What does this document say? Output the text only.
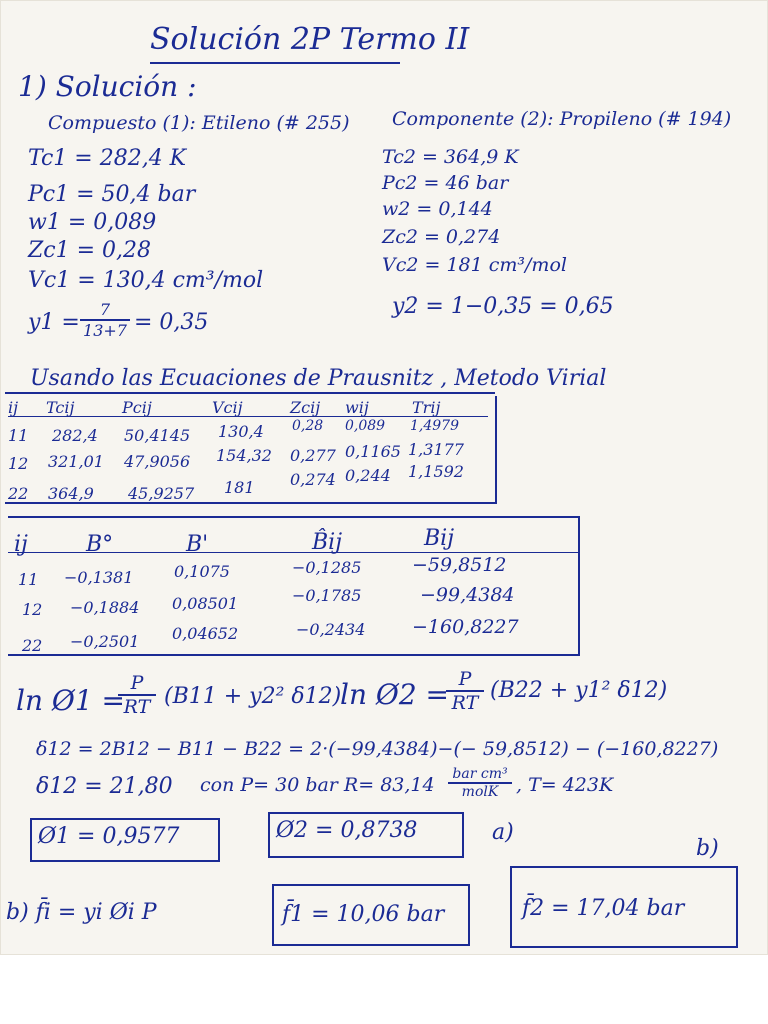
Solución 2P Termo II
1) Solución :
Compuesto (1): Etileno (# 255)
Tc1 = 282,4 K
Pc1 = 50,4 bar
w1 = 0,089
Zc1 = 0,28
Vc1 = 130,4 cm³/mol
$y1 = \frac{7}{13+7} = 0,35$
Componente (2): Propileno (# 194)
Tc2 = 364,9 K
Pc2 = 46 bar
w2 = 0,144
Zc2 = 0,274
Vc2 = 181 cm³/mol
y2 = 1−0,35 = 0,65
Usando las Ecuaciones de Prausnitz , Metodo Virial
ij Tcij	Pcij	Vcij	Zcij wij	Trij
11 282,4 50,4145 130,4 0,28 0,089 1,4979
12 321,01 47,9056 154,32 0,277 0,1165 1,3177
22 364,9 45,9257 181 0,274 0,244 1,1592
ij	B°	B'	B̂ij	Bij
11 −0,1381	0,1075	−0,1285	−59,8512
12 −0,1884 0,08501	−0,1785	−99,4384
22 −0,2501 0,04652	−0,2434 −160,8227
ln Ø1 =
$\frac{P}{RT} (B11 + y2^2$ δ12)
ln Ø2 =
$\frac{P}{RT} (B22 + y1^2$ δ12)
δ12 = 2B12 − B11 − B22 = 2·(−99,4384)−(− 59,8512) − (−160,8227)
δ12 = 21,80 con P= 30 bar R= 83,14	bar cm³
molK , T= 423K
Ø1 = 0,9577	Ø2 = 0,8738	a)
b)
b) f̄i = yi Øi P	f̄1 = 10,06 bar	f̄2 = 17,04 bar
